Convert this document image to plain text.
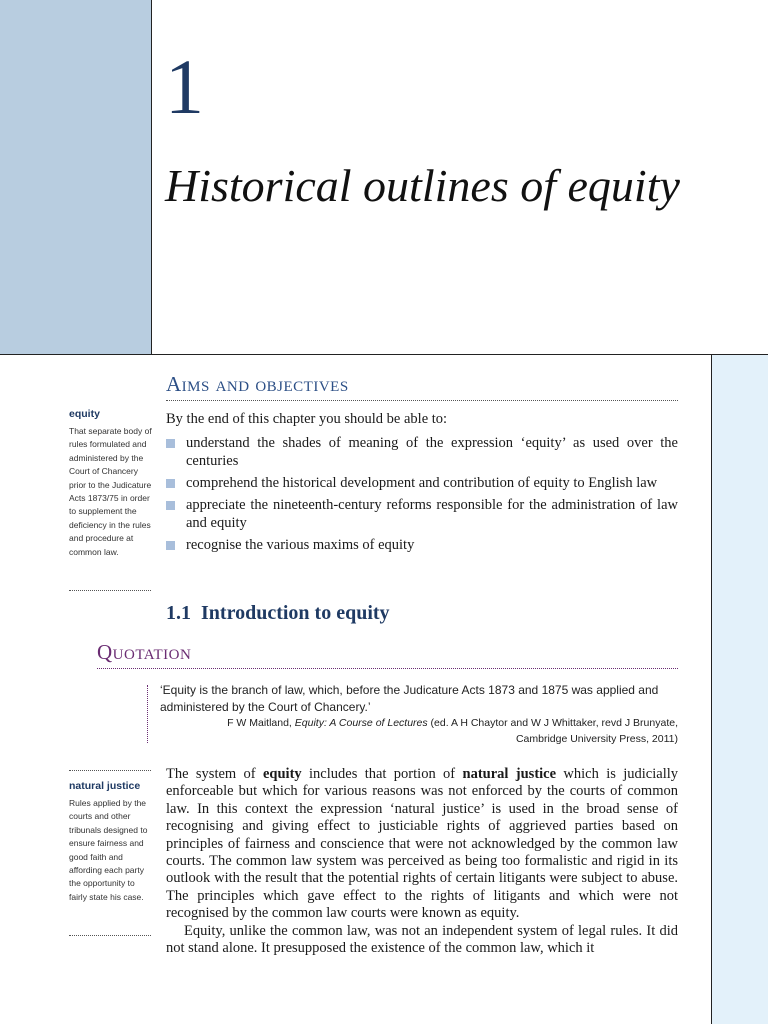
1
Historical outlines of equity
Aims and objectives
equity
That separate body of rules formulated and administered by the Court of Chancery prior to the Judicature Acts 1873/75 in order to supplement the deficiency in the rules and procedure at common law.
By the end of this chapter you should be able to:
understand the shades of meaning of the expression ‘equity’ as used over the centuries
comprehend the historical development and contribution of equity to English law
appreciate the nineteenth-century reforms responsible for the administration of law and equity
recognise the various maxims of equity
1.1 Introduction to equity
Quotation
‘Equity is the branch of law, which, before the Judicature Acts 1873 and 1875 was applied and administered by the Court of Chancery.’
F W Maitland, Equity: A Course of Lectures (ed. A H Chaytor and W J Whittaker, revd J Brunyate, Cambridge University Press, 2011)
natural justice
Rules applied by the courts and other tribunals designed to ensure fairness and good faith and affording each party the opportunity to fairly state his case.

The system of equity includes that portion of natural justice which is judicially enforceable but which for various reasons was not enforced by the courts of common law. In this context the expression ‘natural justice’ is used in the broad sense of recognising and giving effect to justiciable rights of aggrieved parties based on principles of fairness and conscience that were not acknowledged by the common law courts. The common law system was perceived as being too formalistic and rigid in its outlook with the result that the potential rights of certain litigants were subject to abuse. The principles which gave effect to the rights of litigants and which were not recognised by the common law courts were known as equity.

Equity, unlike the common law, was not an independent system of legal rules. It did not stand alone. It presupposed the existence of the common law, which it
